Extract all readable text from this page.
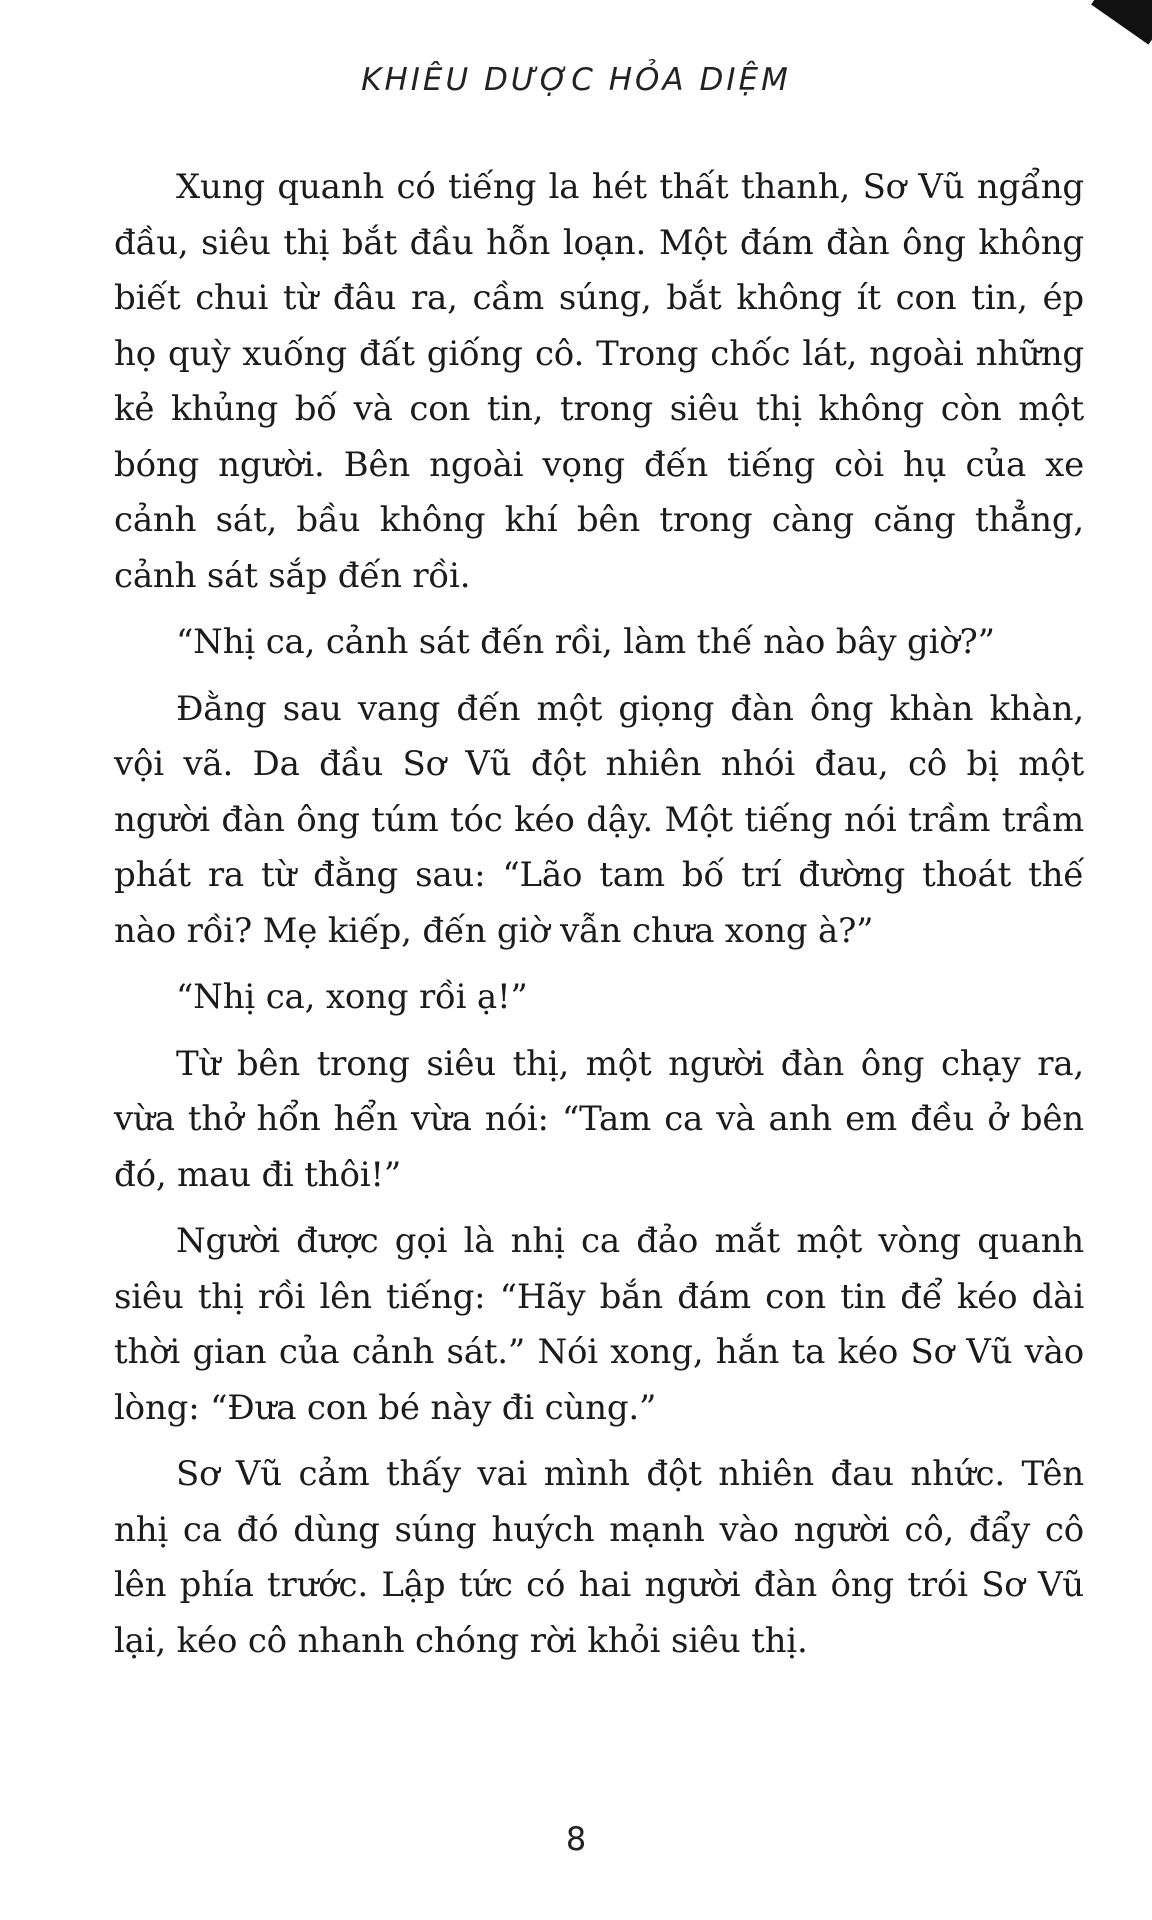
KHIÊU DƯỢC HỎA DIỆM

Xung quanh có tiếng la hét thất thanh, Sơ Vũ ngẩng đầu, siêu thị bắt đầu hỗn loạn. Một đám đàn ông không biết chui từ đâu ra, cầm súng, bắt không ít con tin, ép họ quỳ xuống đất giống cô. Trong chốc lát, ngoài những kẻ khủng bố và con tin, trong siêu thị không còn một bóng người. Bên ngoài vọng đến tiếng còi hụ của xe cảnh sát, bầu không khí bên trong càng căng thẳng, cảnh sát sắp đến rồi.

“Nhị ca, cảnh sát đến rồi, làm thế nào bây giờ?”

Đằng sau vang đến một giọng đàn ông khàn khàn, vội vã. Da đầu Sơ Vũ đột nhiên nhói đau, cô bị một người đàn ông túm tóc kéo dậy. Một tiếng nói trầm trầm phát ra từ đằng sau: “Lão tam bố trí đường thoát thế nào rồi? Mẹ kiếp, đến giờ vẫn chưa xong à?”

“Nhị ca, xong rồi ạ!”

Từ bên trong siêu thị, một người đàn ông chạy ra, vừa thở hổn hển vừa nói: “Tam ca và anh em đều ở bên đó, mau đi thôi!”

Người được gọi là nhị ca đảo mắt một vòng quanh siêu thị rồi lên tiếng: “Hãy bắn đám con tin để kéo dài thời gian của cảnh sát.” Nói xong, hắn ta kéo Sơ Vũ vào lòng: “Đưa con bé này đi cùng.”

Sơ Vũ cảm thấy vai mình đột nhiên đau nhức. Tên nhị ca đó dùng súng huých mạnh vào người cô, đẩy cô lên phía trước. Lập tức có hai người đàn ông trói Sơ Vũ lại, kéo cô nhanh chóng rời khỏi siêu thị.

8
